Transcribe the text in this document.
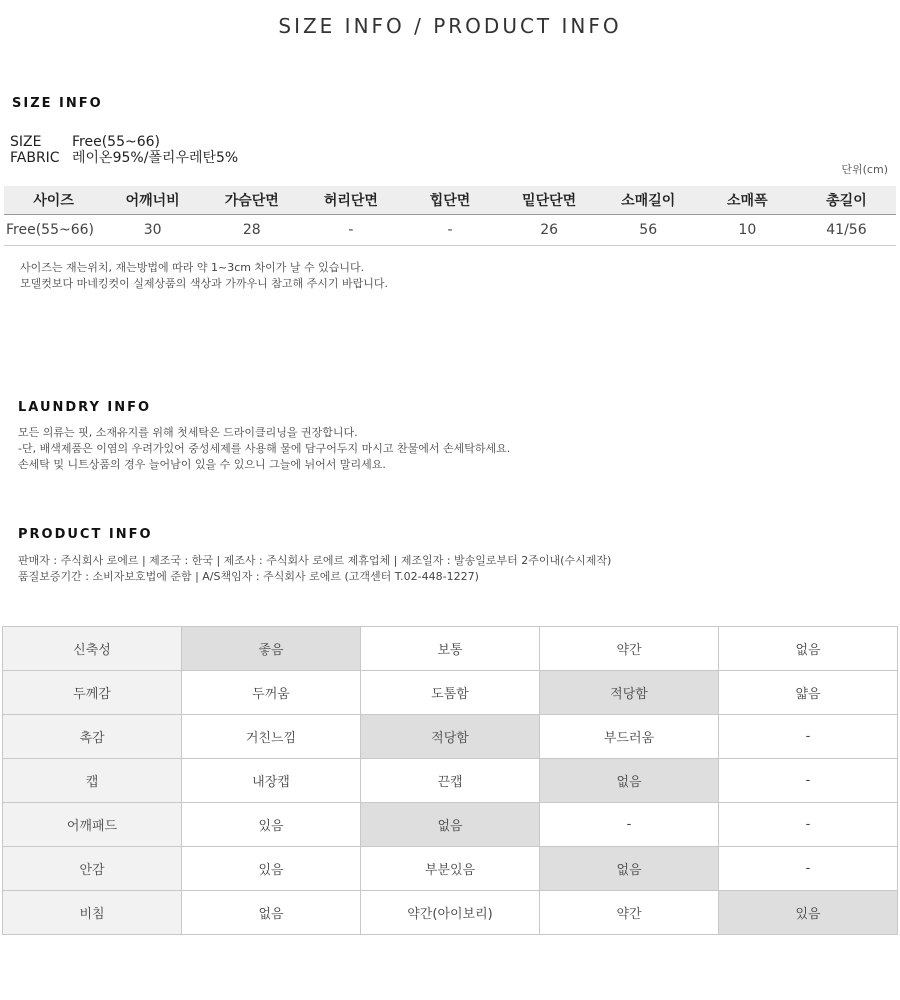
SIZE INFO / PRODUCT INFO
SIZE INFO
SIZE Free(55~66)
FABRIC 레이온95%/폴리우레탄5%
단위(cm)
사이즈	어깨너비	가슴단면	허리단면	힙단면	밑단단면	소매길이	소매폭	총길이
Free(55~66)	30	28	-	-	26	56	10	41/56
사이즈는 재는위치, 재는방법에 따라 약 1~3cm 차이가 날 수 있습니다.
모델컷보다 마네킹컷이 실제상품의 색상과 가까우니 참고해 주시기 바랍니다.
LAUNDRY INFO
모든 의류는 핏, 소재유지를 위해 첫세탁은 드라이클리닝을 권장합니다.
-단, 배색제품은 이염의 우려가있어 중성세제를 사용해 물에 담구어두지 마시고 찬물에서 손세탁하세요.
손세탁 및 니트상품의 경우 늘어남이 있을 수 있으니 그늘에 뉘어서 말리세요.
PRODUCT INFO
판매자 : 주식회사 로에르 | 제조국 : 한국 | 제조사 : 주식회사 로에르 제휴업체 | 제조일자 : 발송일로부터 2주이내(수시제작)
품질보증기간 : 소비자보호법에 준함 | A/S책임자 : 주식회사 로에르 (고객센터 T.02-448-1227)
신축성	좋음	보통	약간	없음
두께감	두꺼움	도톰함	적당함	얇음
촉감	거친느낌	적당함	부드러움	-
캡	내장캡	끈캡	없음	-
어깨패드	있음	없음	-	-
안감	있음	부분있음	없음	-
비침	없음	약간(아이보리)	약간	있음
